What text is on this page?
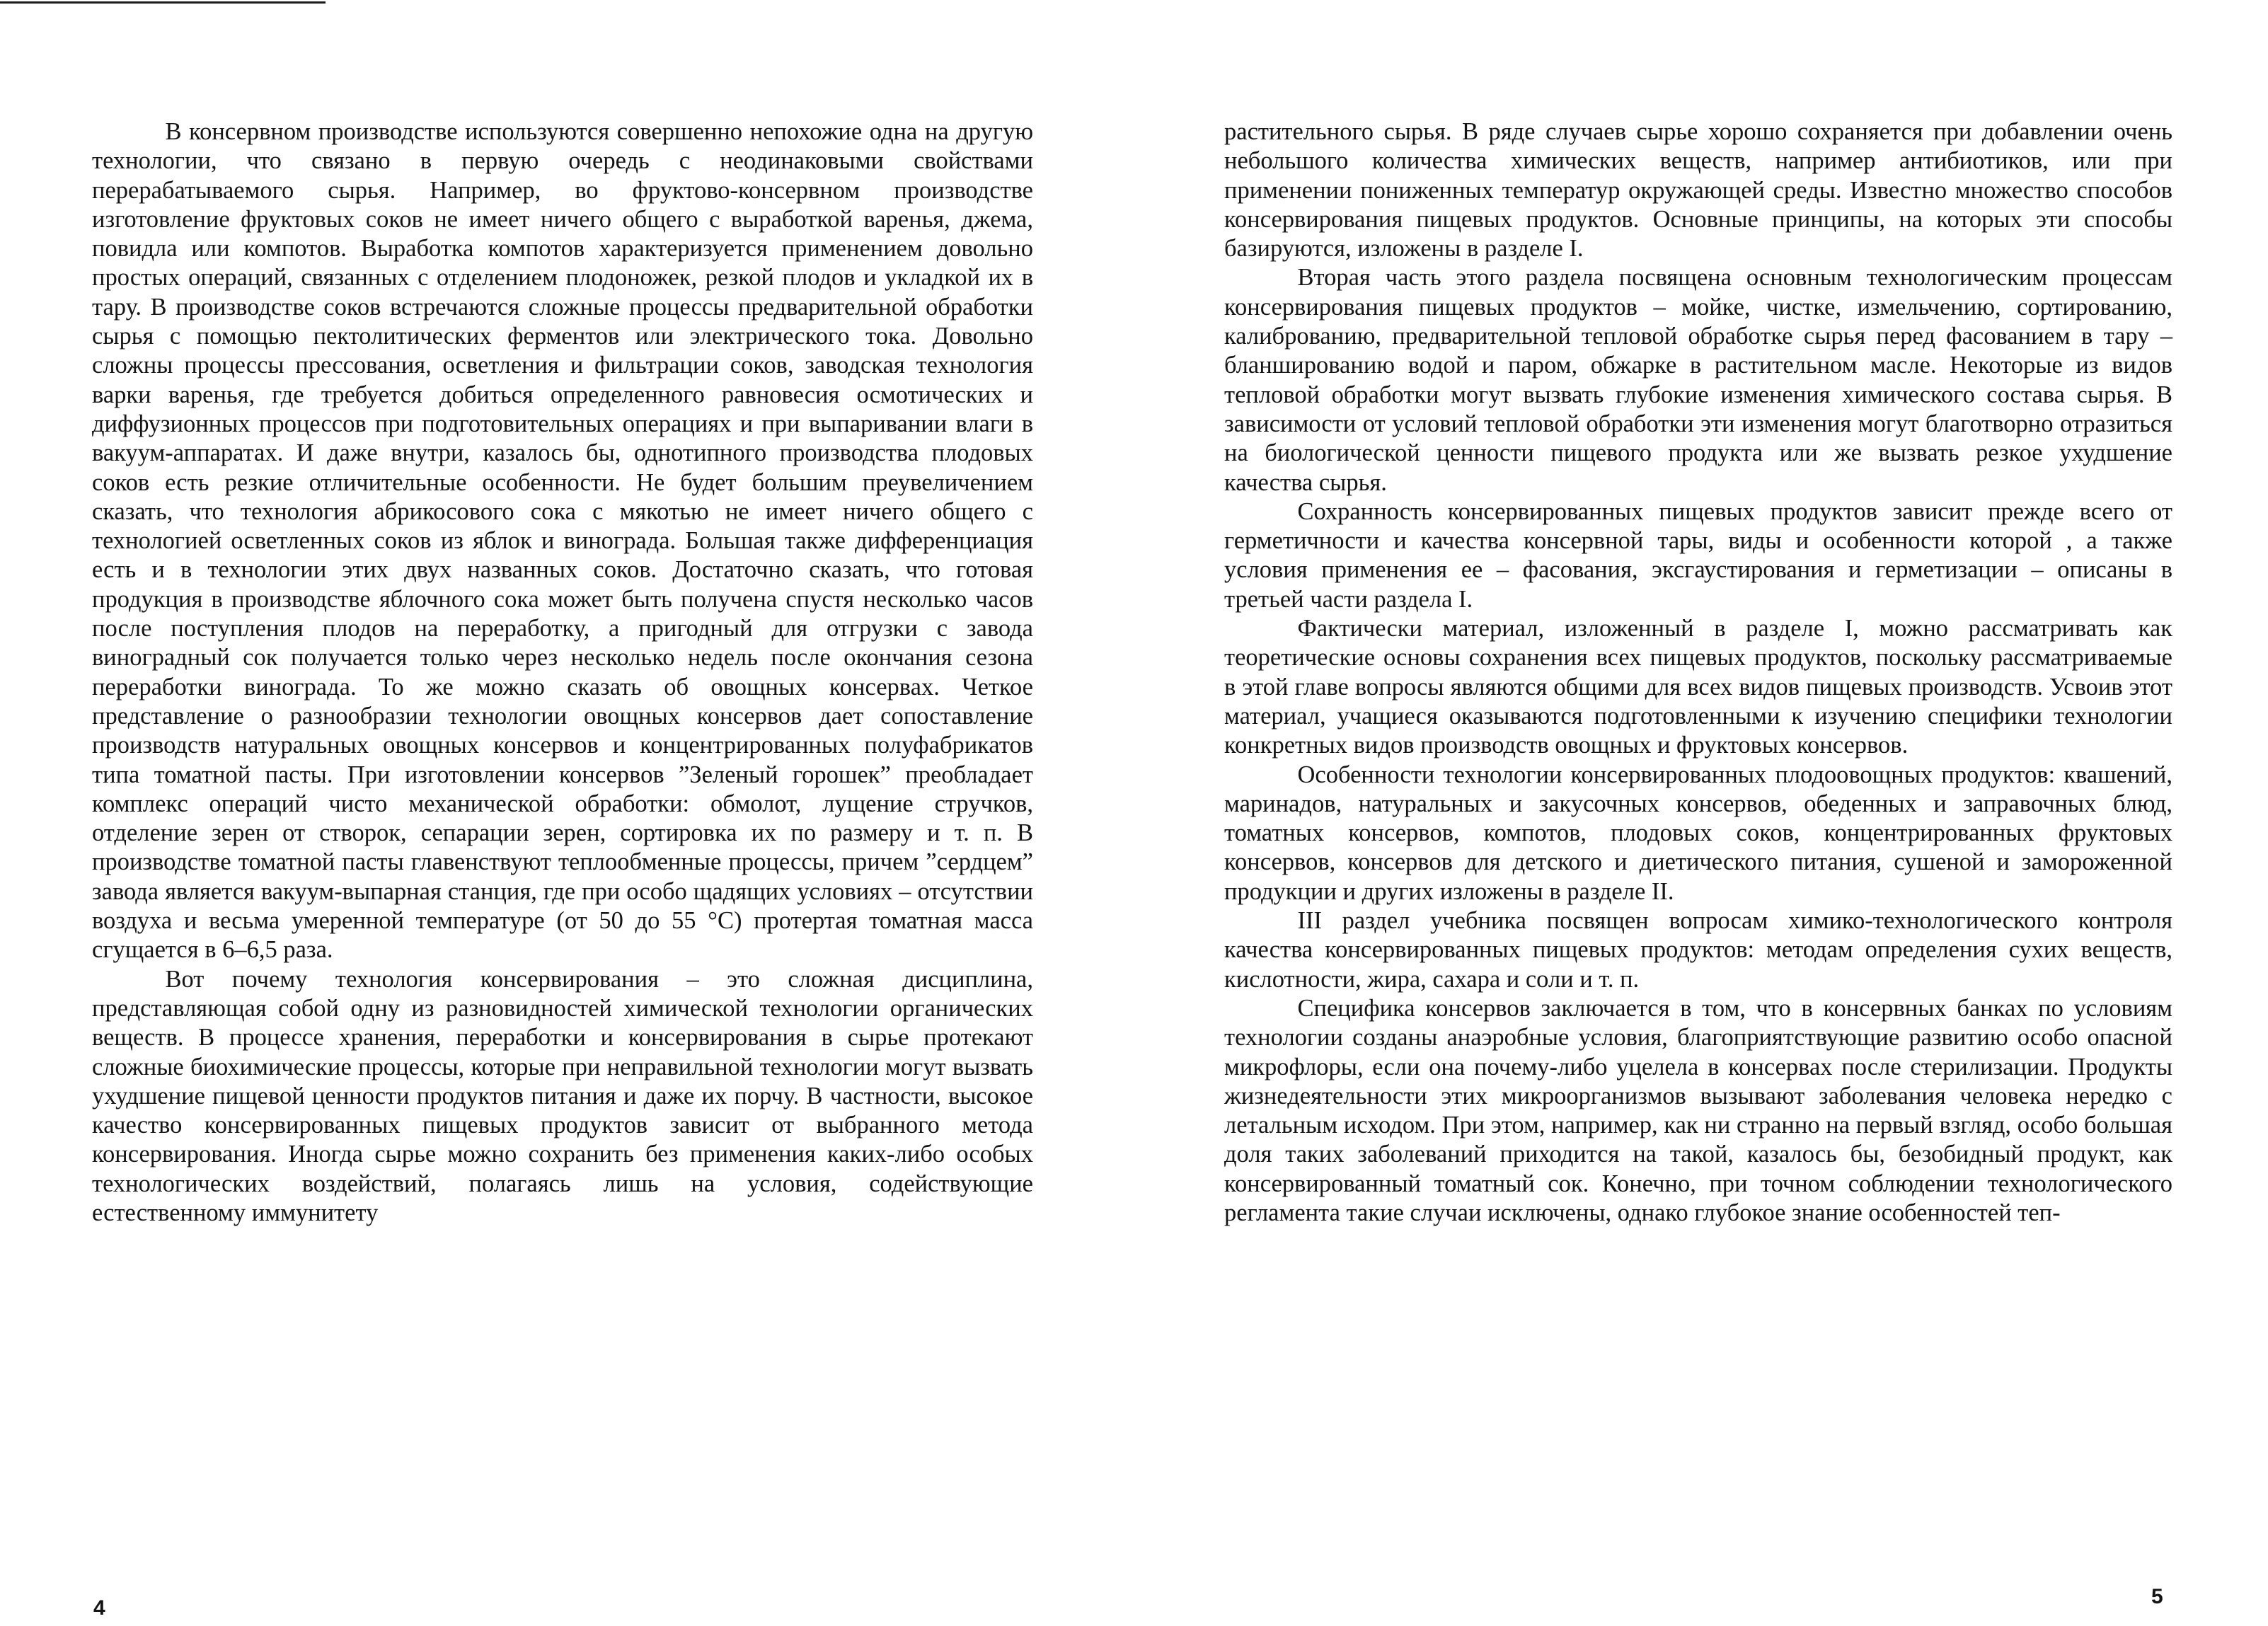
В консервном производстве используются совершенно непохожие одна на другую технологии, что связано в первую очередь с неодинаковыми свойствами перерабатываемого сырья. Например, во фруктово-консервном производстве изготовление фруктовых соков не имеет ничего общего с выработкой варенья, джема, повидла или компотов. Выработка компотов характеризуется применением довольно простых операций, связанных с отделением плодоножек, резкой плодов и укладкой их в тару. В производстве соков встречаются сложные процессы предварительной обработки сырья с помощью пектолитических ферментов или электрического тока. Довольно сложны процессы прессования, осветления и фильтрации соков, заводская технология варки варенья, где требуется добиться определенного равновесия осмотических и диффузионных процессов при подготовительных операциях и при выпаривании влаги в вакуум-аппаратах. И даже внутри, казалось бы, однотипного производства плодовых соков есть резкие отличительные особенности. Не будет большим преувеличением сказать, что технология абрикосового сока с мякотью не имеет ничего общего с технологией осветленных соков из яблок и винограда. Большая также дифференциация есть и в технологии этих двух названных соков. Достаточно сказать, что готовая продукция в производстве яблочного сока может быть получена спустя несколько часов после поступления плодов на переработку, а пригодный для отгрузки с завода виноградный сок получается только через несколько недель после окончания сезона переработки винограда. То же можно сказать об овощных консервах. Четкое представление о разнообразии технологии овощных консервов дает сопоставление производств натуральных овощных консервов и концентрированных полуфабрикатов типа томатной пасты. При изготовлении консервов ”Зеленый горошек” преобладает комплекс операций чисто механической обработки: обмолот, лущение стручков, отделение зерен от створок, сепарации зерен, сортировка их по размеру и т. п. В производстве томатной пасты главенствуют теплообменные процессы, причем ”сердцем” завода является вакуум-выпарная станция, где при особо щадящих условиях – отсутствии воздуха и весьма умеренной температуре (от 50 до 55 °С) протертая томатная масса сгущается в 6–6,5 раза.

Вот почему технология консервирования – это сложная дисциплина, представляющая собой одну из разновидностей химической технологии органических веществ. В процессе хранения, переработки и консервирования в сырье протекают сложные биохимические процессы, которые при неправильной технологии могут вызвать ухудшение пищевой ценности продуктов питания и даже их порчу. В частности, высокое качество консервированных пищевых продуктов зависит от выбранного метода консервирования. Иногда сырье можно сохранить без применения каких-либо особых технологических воздействий, полагаясь лишь на условия, содействующие естественному иммунитету

растительного сырья. В ряде случаев сырье хорошо сохраняется при добавлении очень небольшого количества химических веществ, например антибиотиков, или при применении пониженных температур окружающей среды. Известно множество способов консервирования пищевых продуктов. Основные принципы, на которых эти способы базируются, изложены в разделе I.

Вторая часть этого раздела посвящена основным технологическим процессам консервирования пищевых продуктов – мойке, чистке, измельчению, сортированию, калиброванию, предварительной тепловой обработке сырья перед фасованием в тару – бланшированию водой и паром, обжарке в растительном масле. Некоторые из видов тепловой обработки могут вызвать глубокие изменения химического состава сырья. В зависимости от условий тепловой обработки эти изменения могут благотворно отразиться на биологической ценности пищевого продукта или же вызвать резкое ухудшение качества сырья.

Сохранность консервированных пищевых продуктов зависит прежде всего от герметичности и качества консервной тары, виды и особенности которой , а также условия применения ее – фасования, эксгаустирования и герметизации – описаны в третьей части раздела I.

Фактически материал, изложенный в разделе I, можно рассматривать как теоретические основы сохранения всех пищевых продуктов, поскольку рассматриваемые в этой главе вопросы являются общими для всех видов пищевых производств. Усвоив этот материал, учащиеся оказываются подготовленными к изучению специфики технологии конкретных видов производств овощных и фруктовых консервов.

Особенности технологии консервированных плодоовощных продуктов: квашений, маринадов, натуральных и закусочных консервов, обеденных и заправочных блюд, томатных консервов, компотов, плодовых соков, концентрированных фруктовых консервов, консервов для детского и диетического питания, сушеной и замороженной продукции и других изложены в разделе II.

III раздел учебника посвящен вопросам химико-технологического контроля качества консервированных пищевых продуктов: методам определения сухих веществ, кислотности, жира, сахара и соли и т. п.

Специфика консервов заключается в том, что в консервных банках по условиям технологии созданы анаэробные условия, благоприятствующие развитию особо опасной микрофлоры, если она почему-либо уцелела в консервах после стерилизации. Продукты жизнедеятельности этих микроорганизмов вызывают заболевания человека нередко с летальным исходом. При этом, например, как ни странно на первый взгляд, особо большая доля таких заболеваний приходится на такой, казалось бы, безобидный продукт, как консервированный томатный сок. Конечно, при точном соблюдении технологического регламента такие случаи исключены, однако глубокое знание особенностей теп-

4	5
